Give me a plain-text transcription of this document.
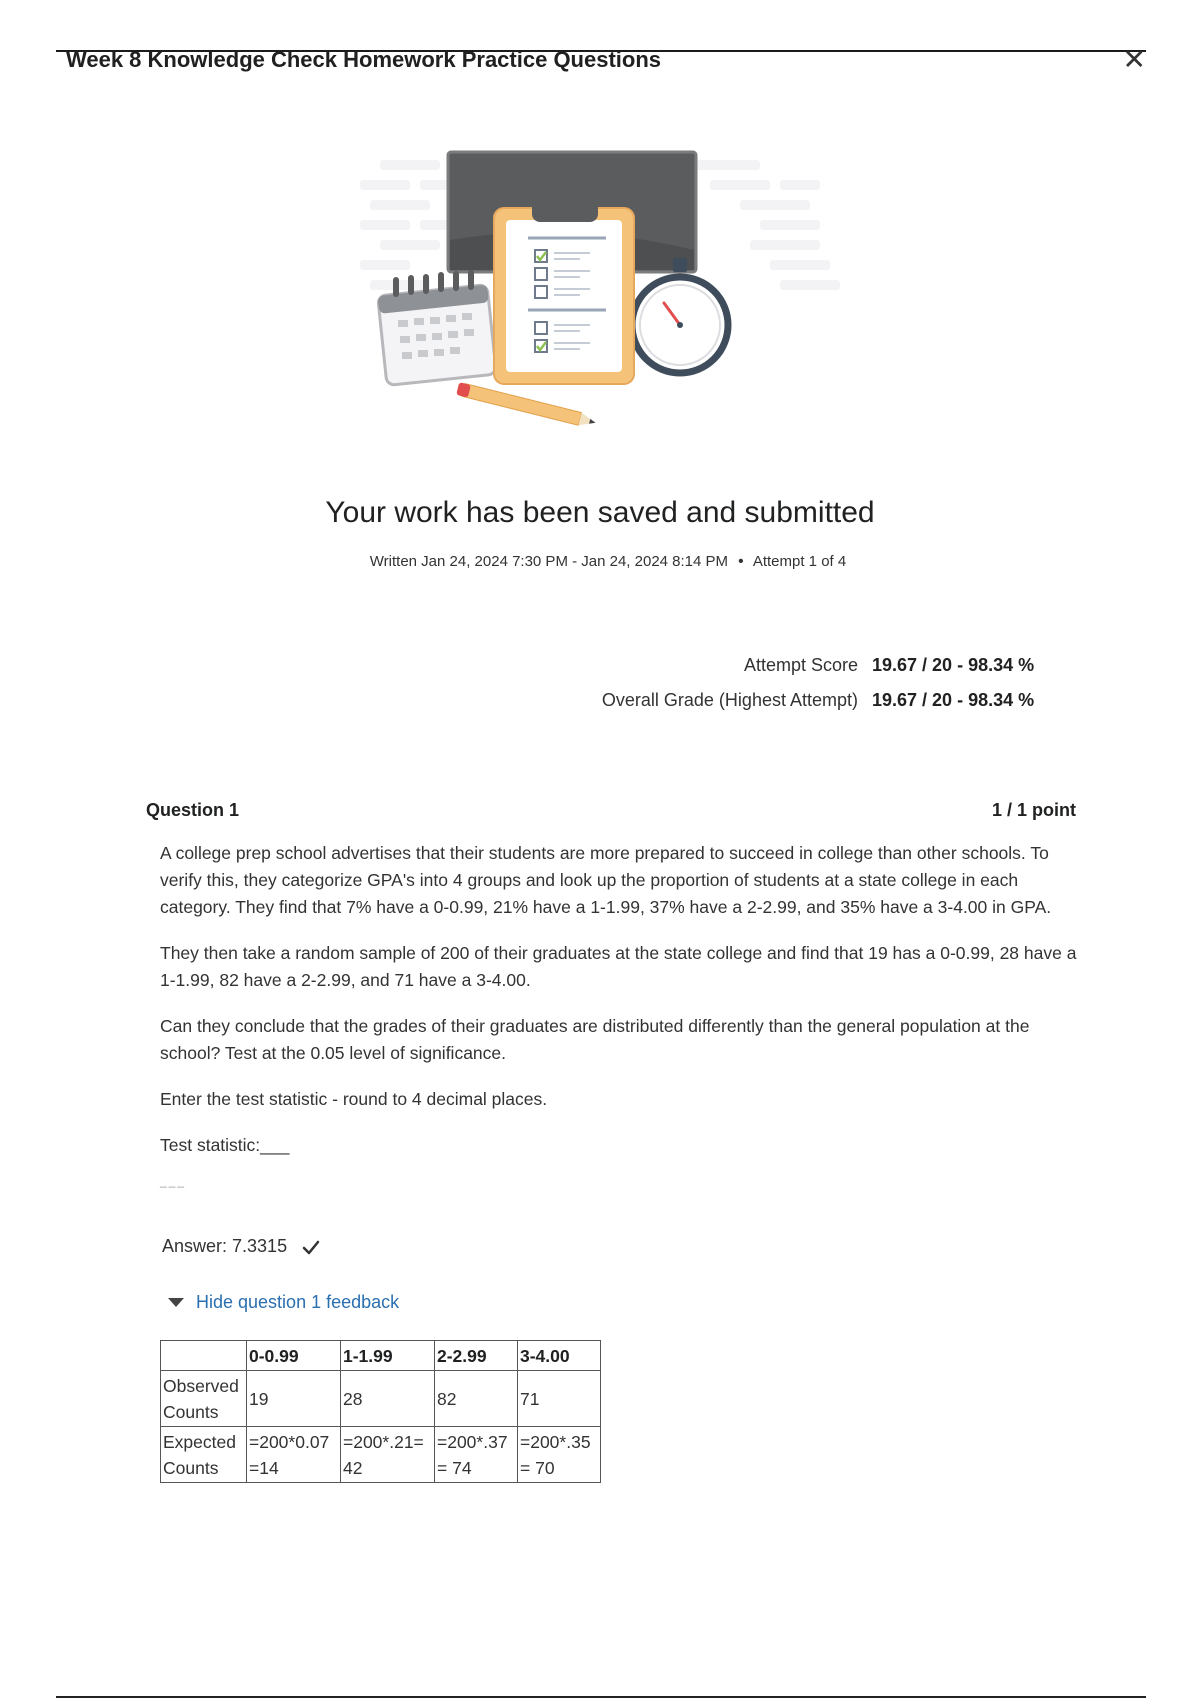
Week 8 Knowledge Check Homework Practice Questions	✕
Your work has been saved and submitted
Written Jan 24, 2024 7:30 PM - Jan 24, 2024 8:14 PM • Attempt 1 of 4
Attempt Score 19.67 / 20 - 98.34 %
Overall Grade (Highest Attempt) 19.67 / 20 - 98.34 %
Question 1	1 / 1 point

A college prep school advertises that their students are more prepared to succeed in college than other schools. To verify this, they categorize GPA's into 4 groups and look up the proportion of students at a state college in each category. They find that 7% have a 0-0.99, 21% have a 1-1.99, 37% have a 2-2.99, and 35% have a 3-4.00 in GPA.

They then take a random sample of 200 of their graduates at the state college and find that 19 has a 0-0.99, 28 have a 1-1.99, 82 have a 2-2.99, and 71 have a 3-4.00.

Can they conclude that the grades of their graduates are distributed differently than the general population at the school? Test at the 0.05 level of significance.

Enter the test statistic - round to 4 decimal places.

Test statistic:___

___
Answer: 7.3315
Hide question 1 feedback
	0-0.99	1-1.99	2-2.99	3-4.00
Observed Counts	19	28	82	71
Expected Counts	=200*0.07 =14	=200*.21= 42	=200*.37 = 74	=200*.35 = 70
